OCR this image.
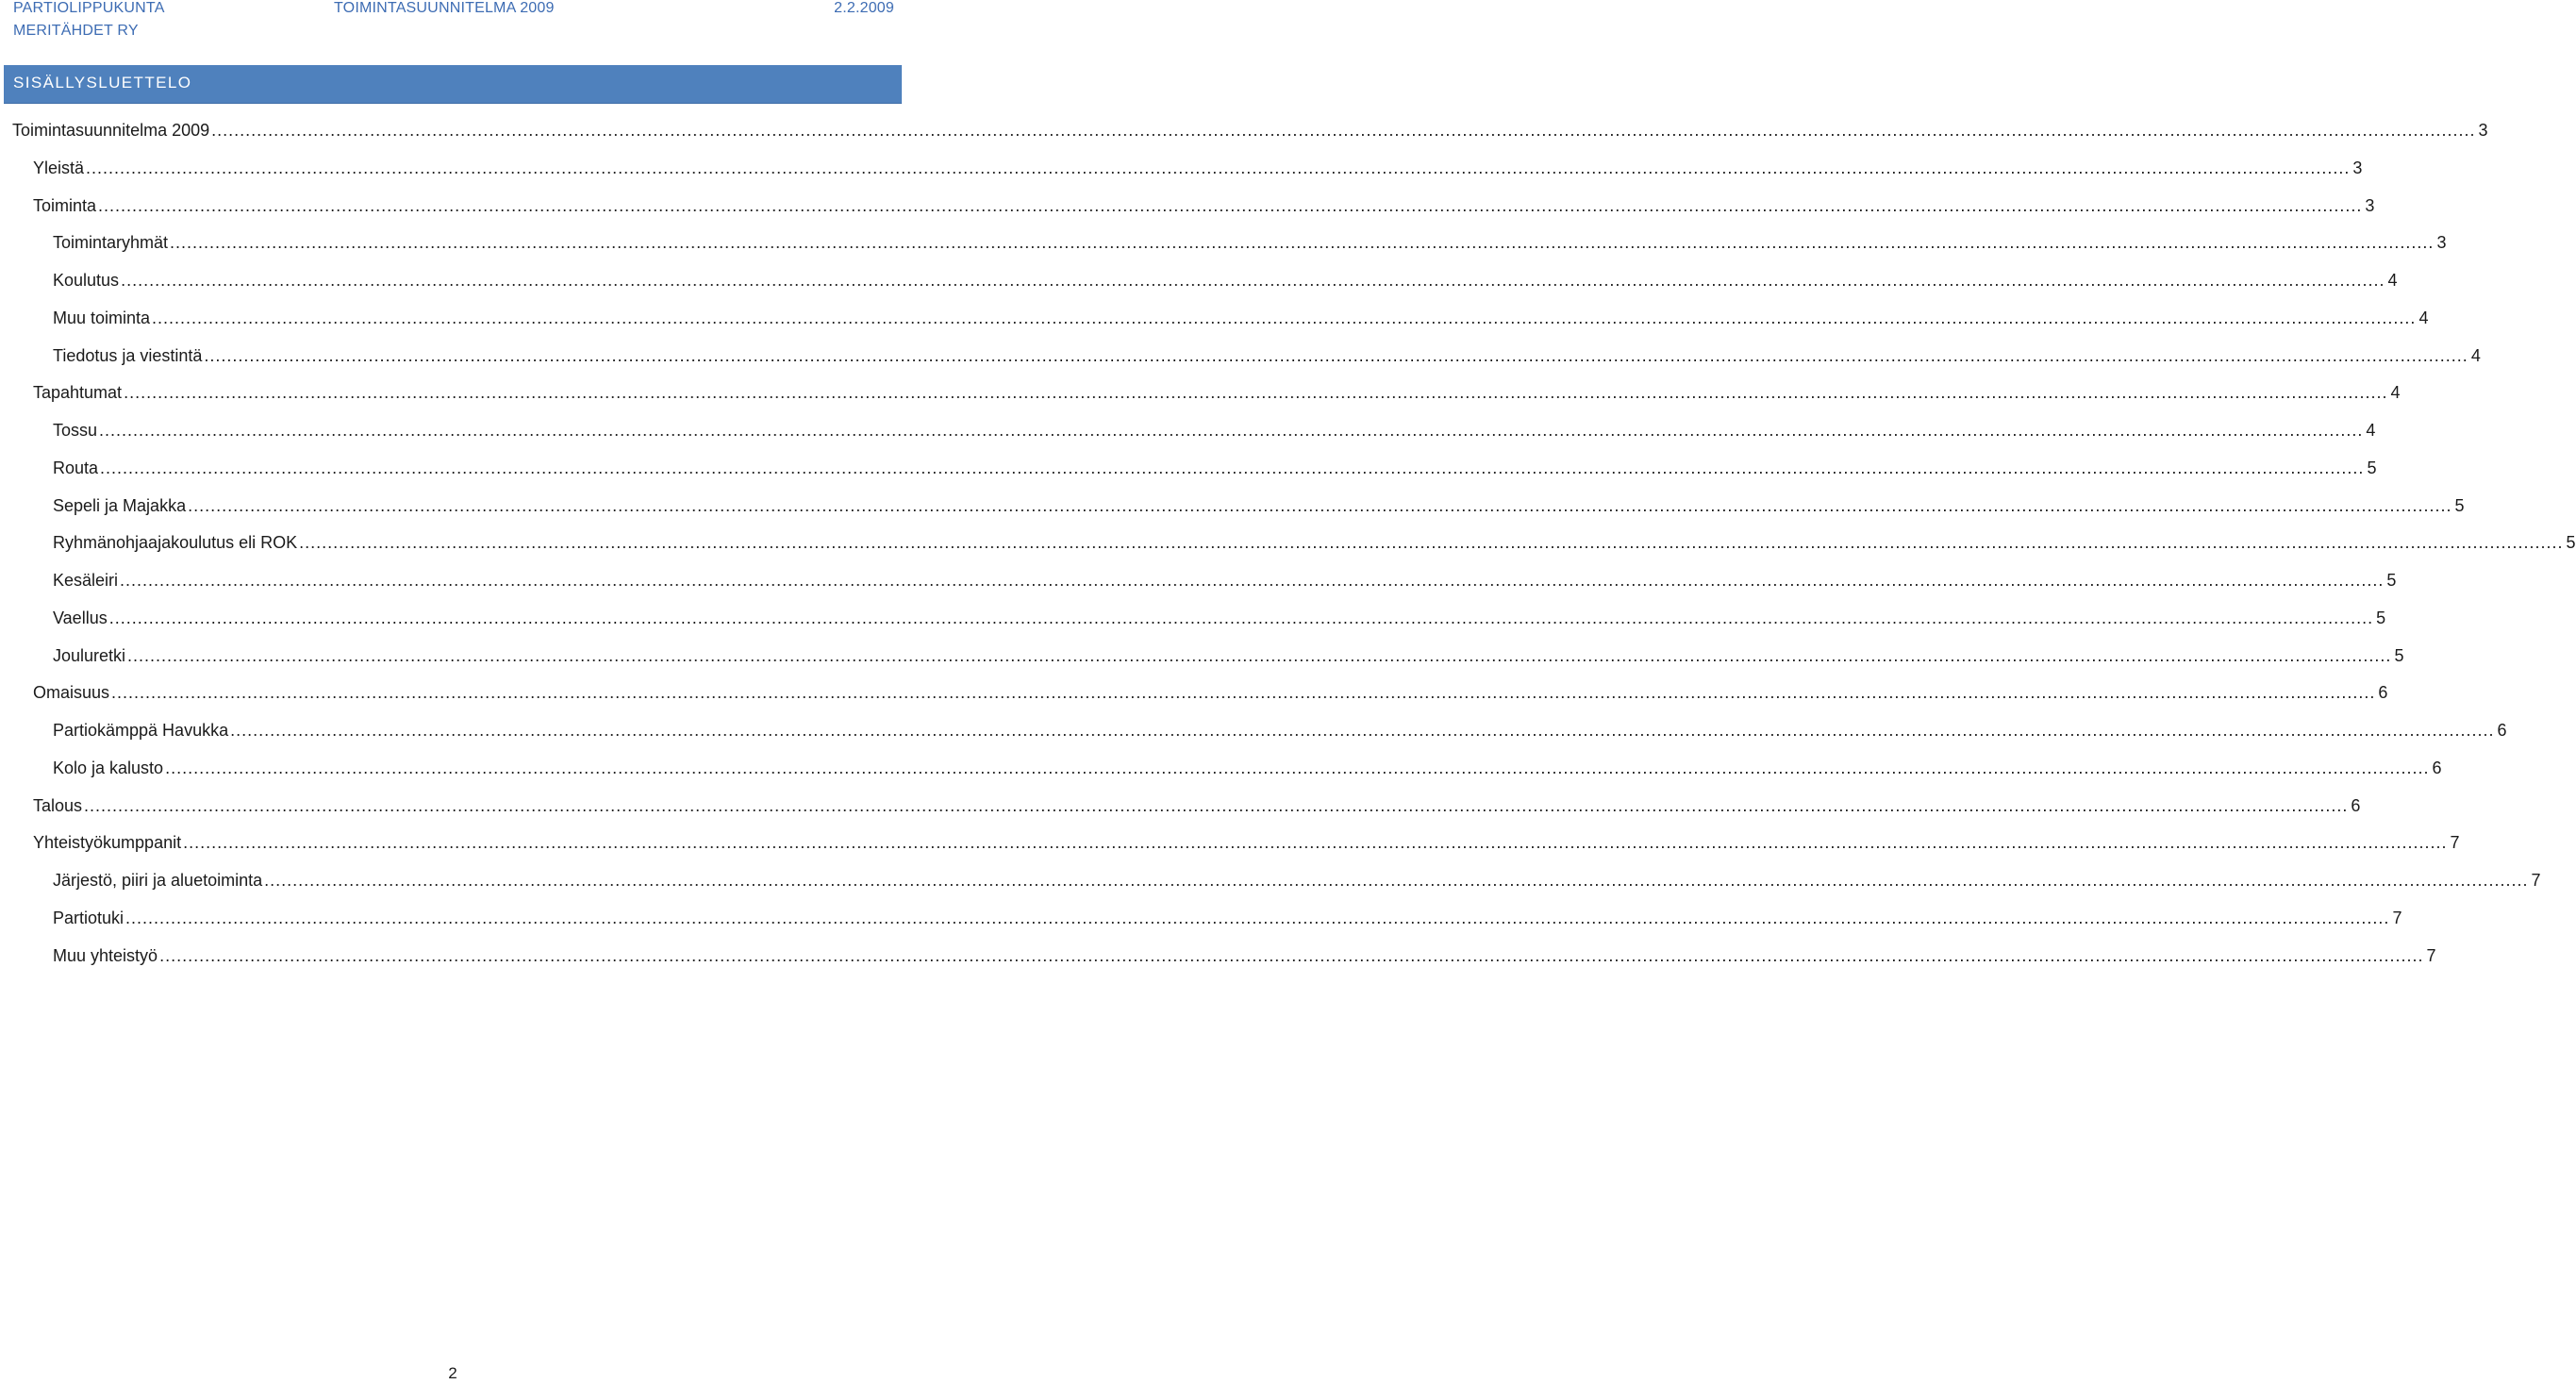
PARTIOLIPPUKUNTA
MERITÄHDET RY
TOIMINTASUUNNITELMA 2009	2.2.2009
SISÄLLYSLUETTELO
Toimintasuunnitelma 2009 ................................................................................................................................................................................................................................................................................................................................................................................................................ 3
Yleistä ................................................................................................................................................................................................................................................................................................................................................................................................................ 3
Toiminta ................................................................................................................................................................................................................................................................................................................................................................................................................ 3
Toimintaryhmät ................................................................................................................................................................................................................................................................................................................................................................................................................ 3
Koulutus ................................................................................................................................................................................................................................................................................................................................................................................................................ 4
Muu toiminta ................................................................................................................................................................................................................................................................................................................................................................................................................ 4
Tiedotus ja viestintä ................................................................................................................................................................................................................................................................................................................................................................................................................ 4
Tapahtumat ................................................................................................................................................................................................................................................................................................................................................................................................................ 4
Tossu ................................................................................................................................................................................................................................................................................................................................................................................................................ 4
Routa ................................................................................................................................................................................................................................................................................................................................................................................................................ 5
Sepeli ja Majakka ................................................................................................................................................................................................................................................................................................................................................................................................................ 5
Ryhmänohjaajakoulutus eli ROK ................................................................................................................................................................................................................................................................................................................................................................................................................ 5
Kesäleiri ................................................................................................................................................................................................................................................................................................................................................................................................................ 5
Vaellus ................................................................................................................................................................................................................................................................................................................................................................................................................ 5
Jouluretki ................................................................................................................................................................................................................................................................................................................................................................................................................ 5
Omaisuus ................................................................................................................................................................................................................................................................................................................................................................................................................ 6
Partiokämppä Havukka ................................................................................................................................................................................................................................................................................................................................................................................................................ 6
Kolo ja kalusto ................................................................................................................................................................................................................................................................................................................................................................................................................ 6
Talous ................................................................................................................................................................................................................................................................................................................................................................................................................ 6
Yhteistyökumppanit ................................................................................................................................................................................................................................................................................................................................................................................................................ 7
Järjestö, piiri ja aluetoiminta ................................................................................................................................................................................................................................................................................................................................................................................................................ 7
Partiotuki ................................................................................................................................................................................................................................................................................................................................................................................................................ 7
Muu yhteistyö ................................................................................................................................................................................................................................................................................................................................................................................................................ 7
2
